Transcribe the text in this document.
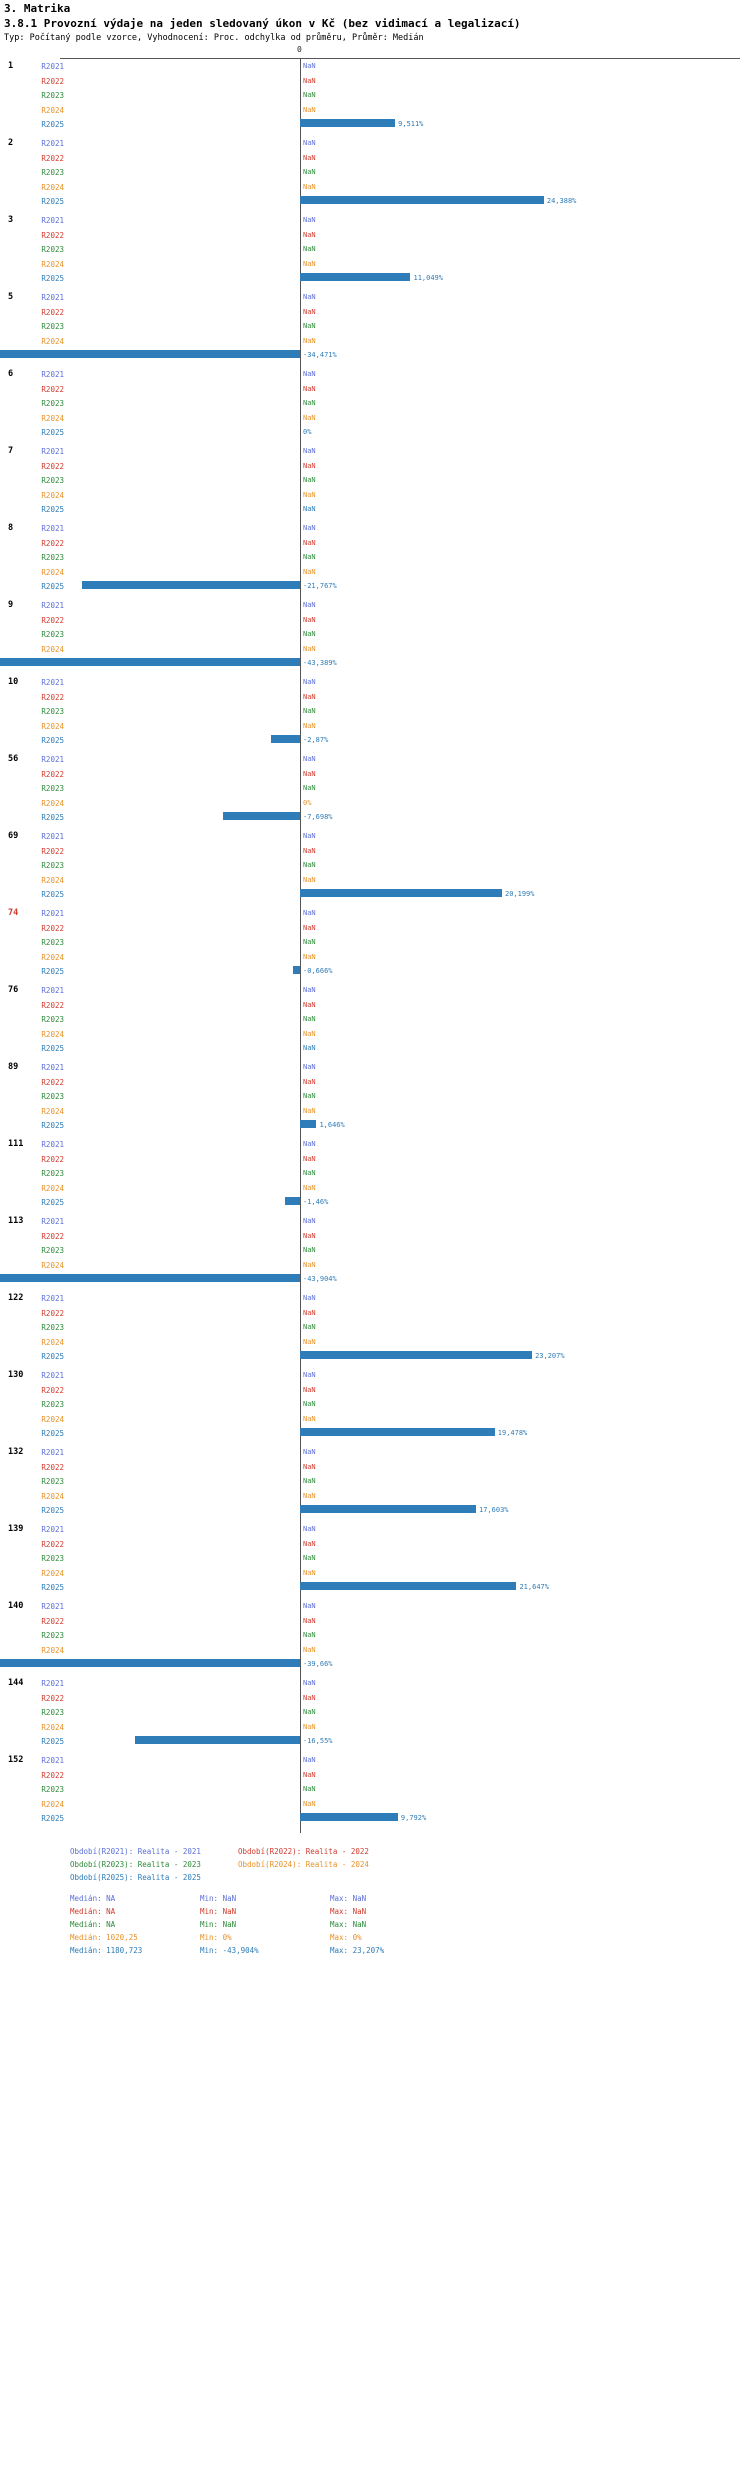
3. Matrika
3.8.1 Provozní výdaje na jeden sledovaný úkon v Kč (bez vidimací a legalizací)
Typ: Počítaný podle vzorce, Vyhodnocení: Proc. odchylka od průměru, Průměr: Medián
0
1	R2021	NaN
R2022	NaN
R2023	NaN
R2024	NaN
R2025	9,511%
2	R2021	NaN
R2022	NaN
R2023	NaN
R2024	NaN
R2025	24,388%
3	R2021	NaN
R2022	NaN
R2023	NaN
R2024	NaN
R2025	11,049%
5	R2021	NaN
R2022	NaN
R2023	NaN
R2024	NaN
-34,471%
6	R2021	NaN
R2022	NaN
R2023	NaN
R2024	NaN
R2025	0%
7	R2021	NaN
R2022	NaN
R2023	NaN
R2024	NaN
R2025	NaN
8	R2021	NaN
R2022	NaN
R2023	NaN
R2024	NaN
R2025	-21,767%
9	R2021	NaN
R2022	NaN
R2023	NaN
R2024	NaN
-43,389%
10	R2021	NaN
R2022	NaN
R2023	NaN
R2024	NaN
R2025	-2,87%
56	R2021	NaN
R2022	NaN
R2023	NaN
R2024	0%
R2025	-7,698%
69	R2021	NaN
R2022	NaN
R2023	NaN
R2024	NaN
R2025	20,199%
74	R2021	NaN
R2022	NaN
R2023	NaN
R2024	NaN
R2025	-0,666%
76	R2021	NaN
R2022	NaN
R2023	NaN
R2024	NaN
R2025	NaN
89	R2021	NaN
R2022	NaN
R2023	NaN
R2024	NaN
R2025	1,646%
111	R2021	NaN
R2022	NaN
R2023	NaN
R2024	NaN
R2025	-1,46%
113	R2021	NaN
R2022	NaN
R2023	NaN
R2024	NaN
-43,904%
122	R2021	NaN
R2022	NaN
R2023	NaN
R2024	NaN
R2025	23,207%
130	R2021	NaN
R2022	NaN
R2023	NaN
R2024	NaN
R2025	19,478%
132	R2021	NaN
R2022	NaN
R2023	NaN
R2024	NaN
R2025	17,603%
139	R2021	NaN
R2022	NaN
R2023	NaN
R2024	NaN
R2025	21,647%
140	R2021	NaN
R2022	NaN
R2023	NaN
R2024	NaN
-39,66%
144	R2021	NaN
R2022	NaN
R2023	NaN
R2024	NaN
R2025	-16,55%
152	R2021	NaN
R2022	NaN
R2023	NaN
R2024	NaN
R2025	9,792%
Období(R2021): Realita - 2021	Období(R2022): Realita - 2022
Období(R2023): Realita - 2023	Období(R2024): Realita - 2024
Období(R2025): Realita - 2025
Medián: NA	Min: NaN	Max: NaN
Medián: NA	Min: NaN	Max: NaN
Medián: NA	Min: NaN	Max: NaN
Medián: 1020,25	Min: 0%	Max: 0%
Medián: 1180,723	Min: -43,904%	Max: 23,207%
